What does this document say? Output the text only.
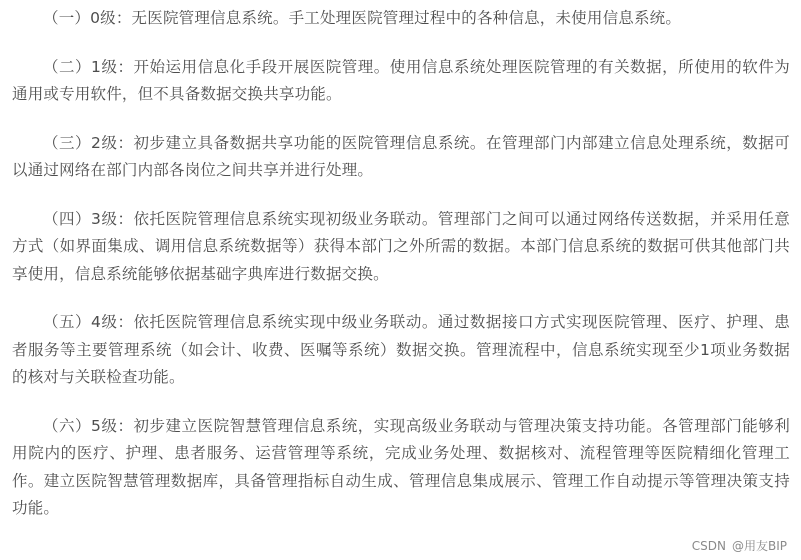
（一）0级：无医院管理信息系统。手工处理医院管理过程中的各种信息，未使用信息系统。

（二）1级：开始运用信息化手段开展医院管理。使用信息系统处理医院管理的有关数据，所使用的软件为通用或专用软件，但不具备数据交换共享功能。

（三）2级：初步建立具备数据共享功能的医院管理信息系统。在管理部门内部建立信息处理系统，数据可以通过网络在部门内部各岗位之间共享并进行处理。

（四）3级：依托医院管理信息系统实现初级业务联动。管理部门之间可以通过网络传送数据，并采用任意方式（如界面集成、调用信息系统数据等）获得本部门之外所需的数据。本部门信息系统的数据可供其他部门共享使用，信息系统能够依据基础字典库进行数据交换。

（五）4级：依托医院管理信息系统实现中级业务联动。通过数据接口方式实现医院管理、医疗、护理、患者服务等主要管理系统（如会计、收费、医嘱等系统）数据交换。管理流程中，信息系统实现至少1项业务数据的核对与关联检查功能。

（六）5级：初步建立医院智慧管理信息系统，实现高级业务联动与管理决策支持功能。各管理部门能够利用院内的医疗、护理、患者服务、运营管理等系统，完成业务处理、数据核对、流程管理等医院精细化管理工作。建立医院智慧管理数据库，具备管理指标自动生成、管理信息集成展示、管理工作自动提示等管理决策支持功能。

CSDN @用友BIP
